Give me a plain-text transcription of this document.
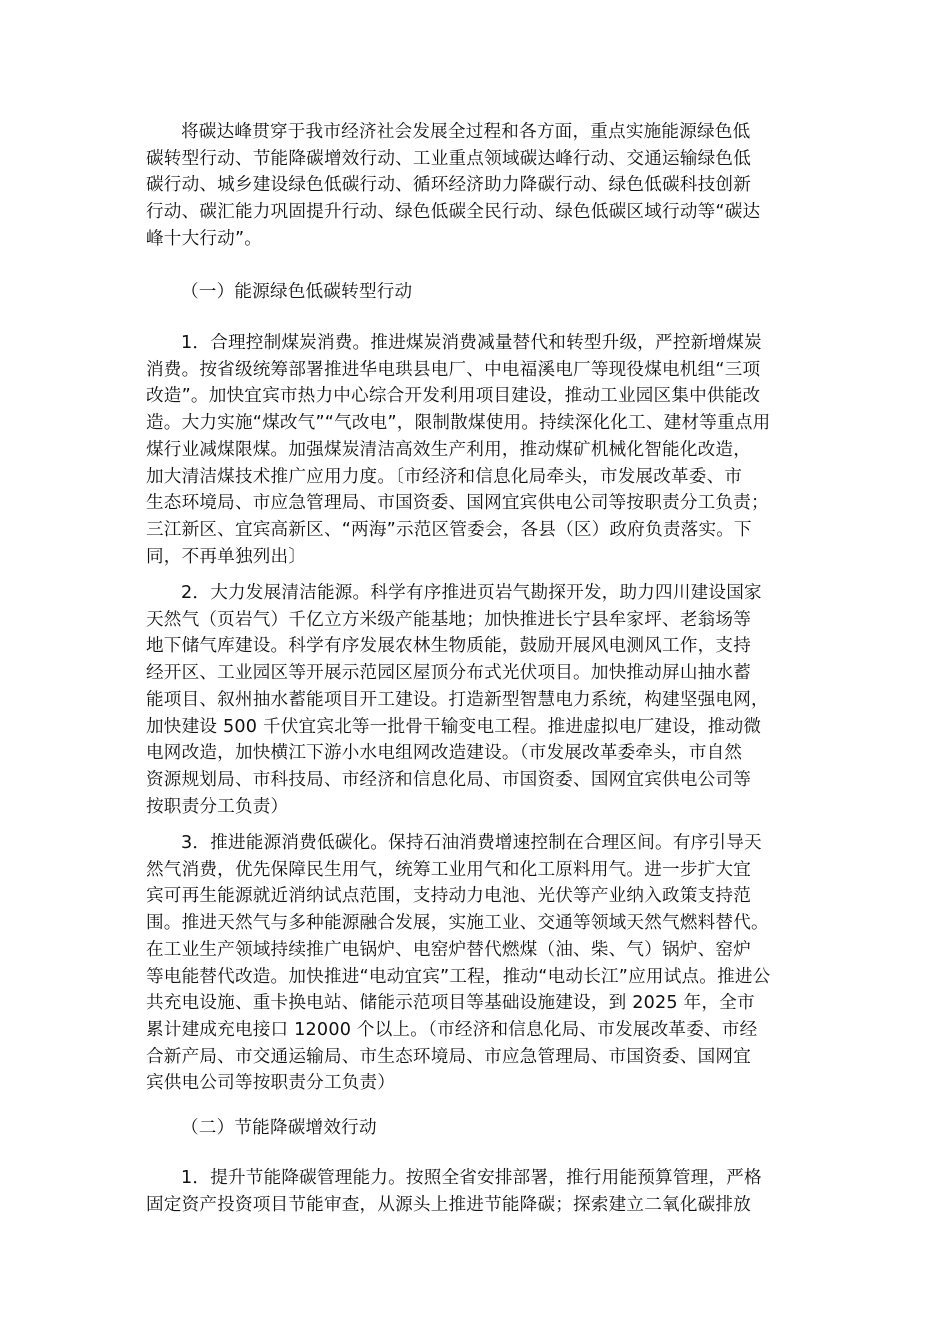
将碳达峰贯穿于我市经济社会发展全过程和各方面，重点实施能源绿色低
碳转型行动、节能降碳增效行动、工业重点领域碳达峰行动、交通运输绿色低
碳行动、城乡建设绿色低碳行动、循环经济助力降碳行动、绿色低碳科技创新
行动、碳汇能力巩固提升行动、绿色低碳全民行动、绿色低碳区域行动等“碳达
峰十大行动”。
（一）能源绿色低碳转型行动
1．合理控制煤炭消费。推进煤炭消费减量替代和转型升级，严控新增煤炭
消费。按省级统筹部署推进华电珙县电厂、中电福溪电厂等现役煤电机组“三项
改造”。加快宜宾市热力中心综合开发利用项目建设，推动工业园区集中供能改
造。大力实施“煤改气”“气改电”，限制散煤使用。持续深化化工、建材等重点用
煤行业减煤限煤。加强煤炭清洁高效生产利用，推动煤矿机械化智能化改造，
加大清洁煤技术推广应用力度。〔市经济和信息化局牵头，市发展改革委、市
生态环境局、市应急管理局、市国资委、国网宜宾供电公司等按职责分工负责；
三江新区、宜宾高新区、“两海”示范区管委会，各县（区）政府负责落实。下
同，不再单独列出〕
2．大力发展清洁能源。科学有序推进页岩气勘探开发，助力四川建设国家
天然气（页岩气）千亿立方米级产能基地；加快推进长宁县牟家坪、老翁场等
地下储气库建设。科学有序发展农林生物质能，鼓励开展风电测风工作，支持
经开区、工业园区等开展示范园区屋顶分布式光伏项目。加快推动屏山抽水蓄
能项目、叙州抽水蓄能项目开工建设。打造新型智慧电力系统，构建坚强电网，
加快建设 500 千伏宜宾北等一批骨干输变电工程。推进虚拟电厂建设，推动微
电网改造，加快横江下游小水电组网改造建设。（市发展改革委牵头，市自然
资源规划局、市科技局、市经济和信息化局、市国资委、国网宜宾供电公司等
按职责分工负责）
3．推进能源消费低碳化。保持石油消费增速控制在合理区间。有序引导天
然气消费，优先保障民生用气，统筹工业用气和化工原料用气。进一步扩大宜
宾可再生能源就近消纳试点范围，支持动力电池、光伏等产业纳入政策支持范
围。推进天然气与多种能源融合发展，实施工业、交通等领域天然气燃料替代。
在工业生产领域持续推广电锅炉、电窑炉替代燃煤（油、柴、气）锅炉、窑炉
等电能替代改造。加快推进“电动宜宾”工程，推动“电动长江”应用试点。推进公
共充电设施、重卡换电站、储能示范项目等基础设施建设，到 2025 年，全市
累计建成充电接口 12000 个以上。（市经济和信息化局、市发展改革委、市经
合新产局、市交通运输局、市生态环境局、市应急管理局、市国资委、国网宜
宾供电公司等按职责分工负责）
（二）节能降碳增效行动
1．提升节能降碳管理能力。按照全省安排部署，推行用能预算管理，严格
固定资产投资项目节能审查，从源头上推进节能降碳；探索建立二氧化碳排放
